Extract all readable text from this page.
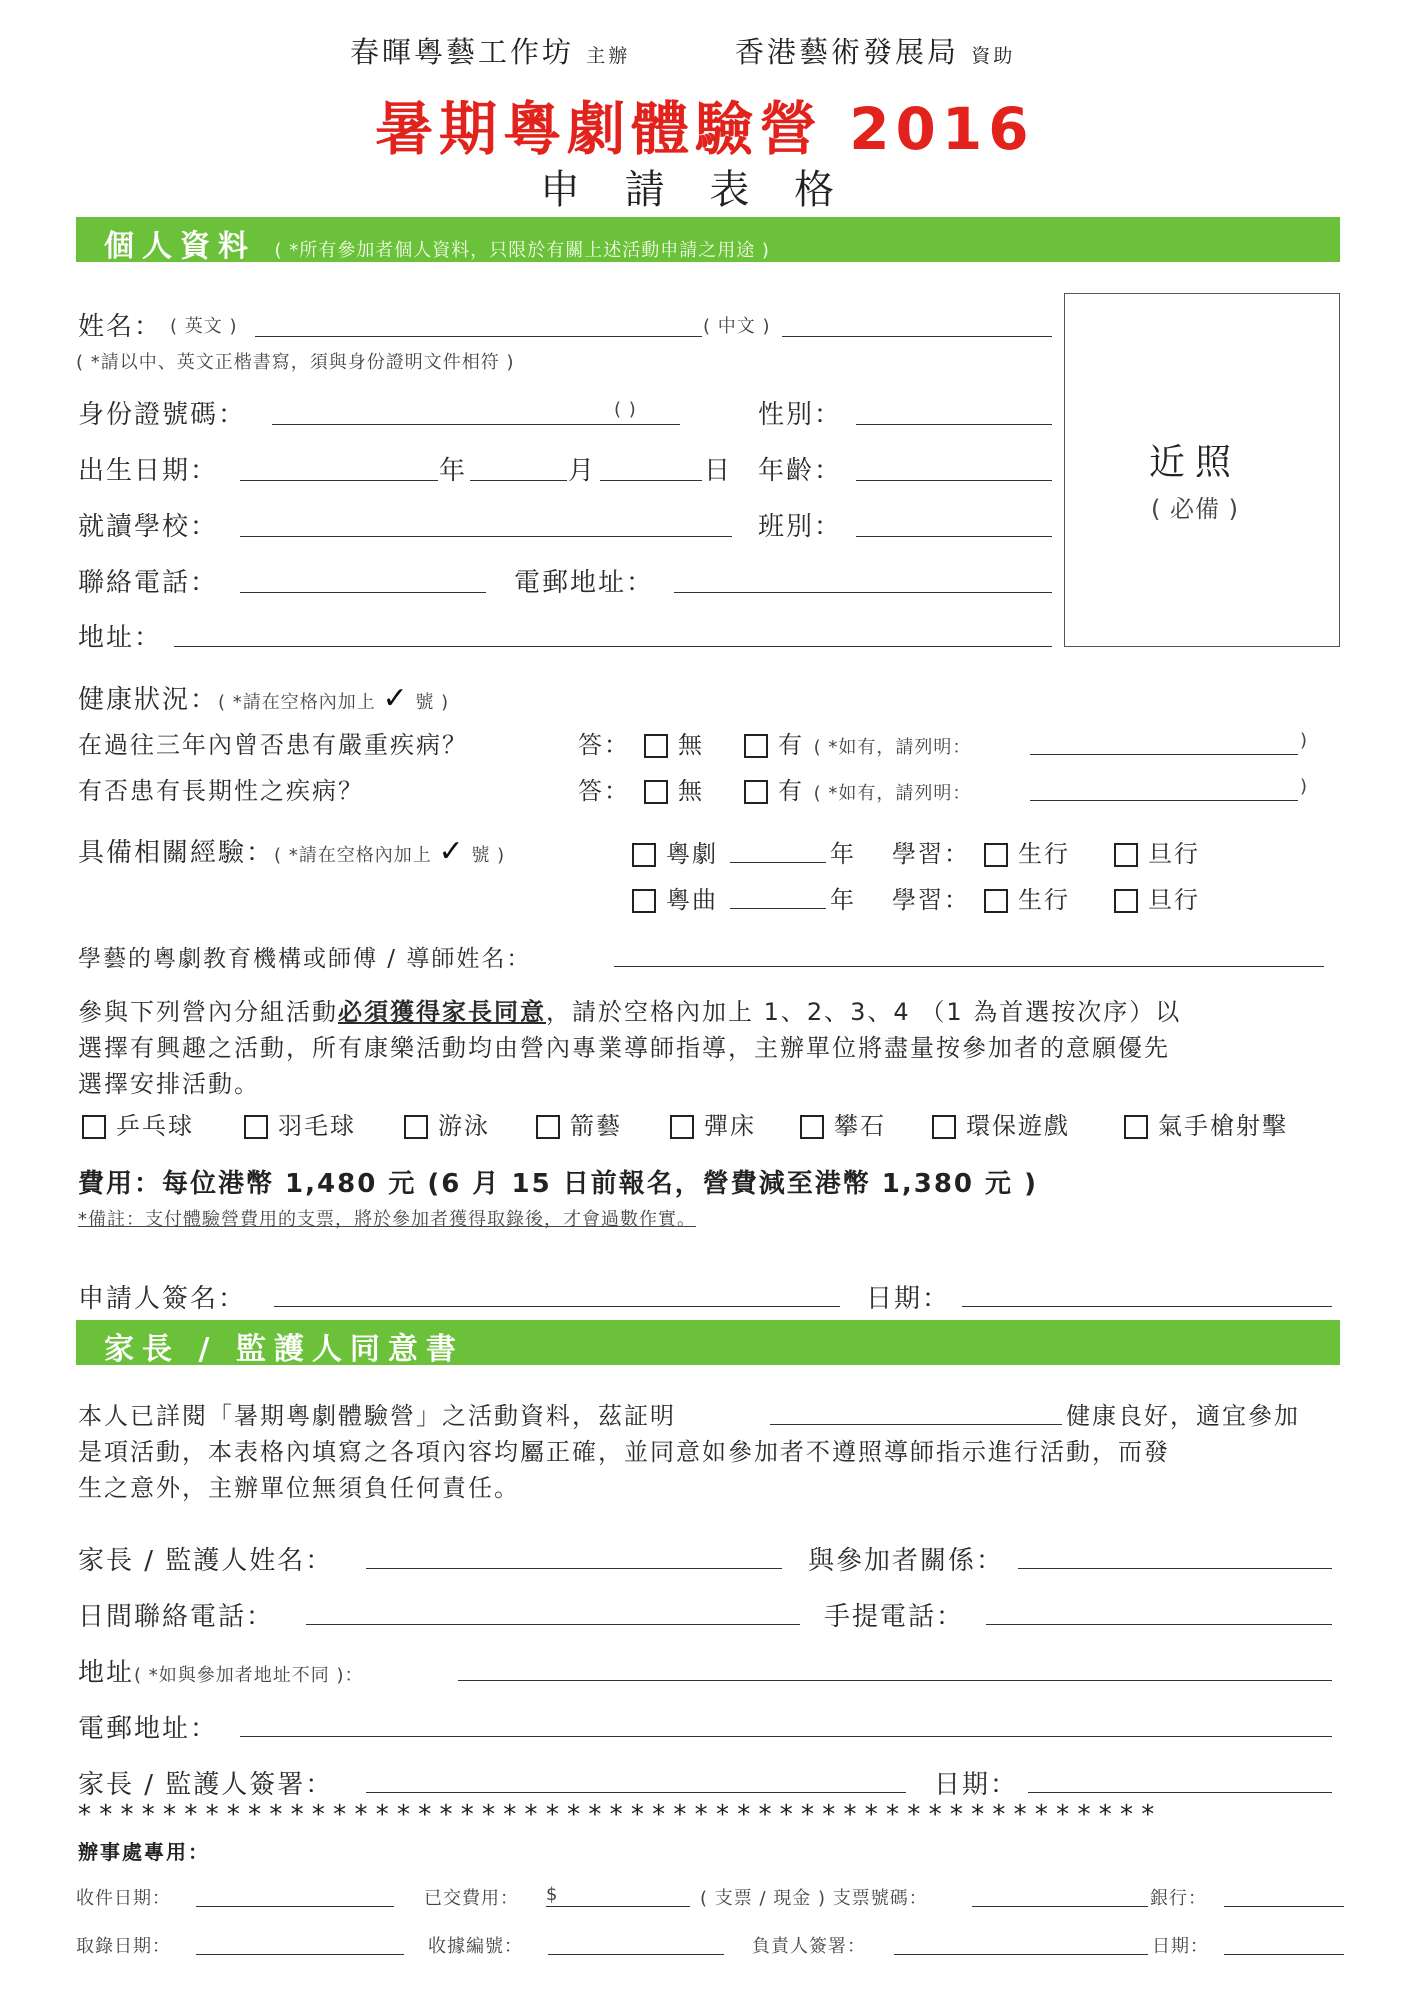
春暉粵藝工作坊 主辦	香港藝術發展局 資助
暑期粵劇體驗營 2016
申 請 表 格
個人資料 ( *所有參加者個人資料，只限於有關上述活動申請之用途 )
近照
( 必備 )
姓名： ( 英文 )	( 中文 )
( *請以中、英文正楷書寫，須與身份證明文件相符 )
身份證號碼：	( )	性別：
出生日期：	年	月	日 年齡：
就讀學校：	班別：
聯絡電話：	電郵地址：
地址：
健康狀況：( *請在空格內加上 ✓ 號 )
在過往三年內曾否患有嚴重疾病？	答：	無	有 ( *如有，請列明：	)
有否患有長期性之疾病？	答：	無	有 ( *如有，請列明：	)
具備相關經驗：( *請在空格內加上 ✓ 號 )	粵劇	年 學習：	生行	旦行
粵曲	年 學習：	生行	旦行
學藝的粵劇教育機構或師傅 / 導師姓名：
參與下列營內分組活動必須獲得家長同意，請於空格內加上 1、2、3、4 （1 為首選按次序）以
選擇有興趣之活動，所有康樂活動均由營內專業導師指導，主辦單位將盡量按參加者的意願優先
選擇安排活動。
乒乓球	羽毛球	游泳	箭藝	彈床	攀石	環保遊戲	氣手槍射擊
費用：每位港幣 1,480 元 (6 月 15 日前報名，營費減至港幣 1,380 元 )
*備註：支付體驗營費用的支票，將於參加者獲得取錄後，才會過數作實。
申請人簽名：	日期：
家長 / 監護人同意書
本人已詳閱「暑期粵劇體驗營」之活動資料，茲証明	健康良好，適宜參加
是項活動，本表格內填寫之各項內容均屬正確，並同意如參加者不遵照導師指示進行活動，而發
生之意外，主辦單位無須負任何責任。
家長 / 監護人姓名：	與參加者關係：
日間聯絡電話：	手提電話：
地址( *如與參加者地址不同 )：
電郵地址：
家長 / 監護人簽署：	日期：
* * * * * * * * * * * * * * * * * * * * * * * * * * * * * * * * * * * * * * * * * * * * * * * * * * *
辦事處專用：
收件日期：	已交費用： $	( 支票 / 現金 ) 支票號碼：	銀行：
取錄日期：	收據編號：	負責人簽署：	日期：
